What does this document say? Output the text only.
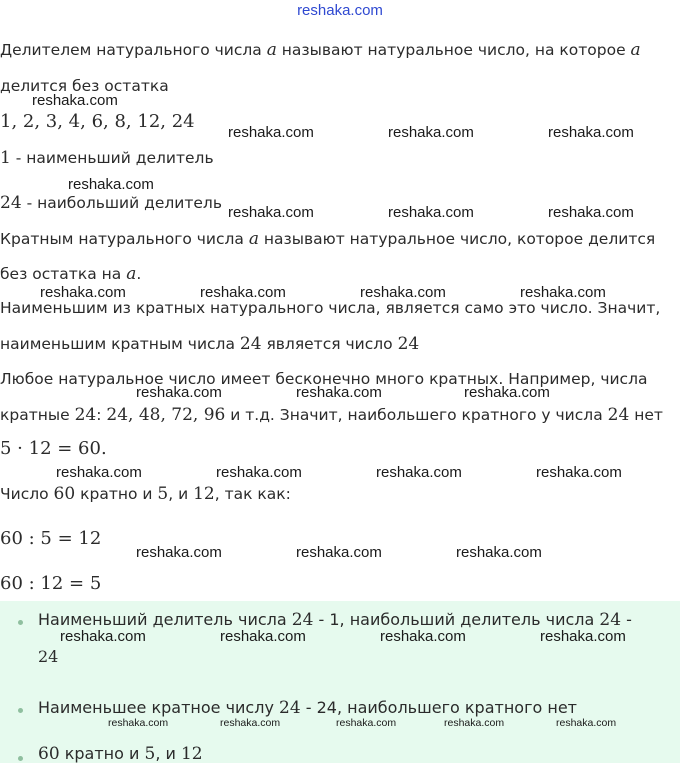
reshaka.com
Делителем натурального числа a называют натуральное число, на которое a
делится без остатка
1, 2, 3, 4, 6, 8, 12, 24
1 - наименьший делитель
24 - наибольший делитель
Кратным натурального числа a называют натуральное число, которое делится
без остатка на a.
Наименьшим из кратных натурального числа, является само это число. Значит,
наименьшим кратным числа 24 является число 24
Любое натуральное число имеет бесконечно много кратных. Например, числа
кратные 24: 24, 48, 72, 96 и т.д. Значит, наибольшего кратного у числа 24 нет
5 · 12 = 60.
Число 60 кратно и 5, и 12, так как:
60 : 5 = 12
60 : 12 = 5
Наименьший делитель числа 24 - 1, наибольший делитель числа 24 -
24
Наименьшее кратное числу 24 - 24, наибольшего кратного нет
60 кратно и 5, и 12
reshaka.com
reshaka.com	reshaka.com	reshaka.com
reshaka.com
reshaka.com	reshaka.com	reshaka.com
reshaka.com	reshaka.com	reshaka.com	reshaka.com
reshaka.com	reshaka.com	reshaka.com
reshaka.com	reshaka.com	reshaka.com	reshaka.com
reshaka.com	reshaka.com	reshaka.com
reshaka.com	reshaka.com	reshaka.com	reshaka.com
reshaka.com	reshaka.com	reshaka.com	reshaka.com	reshaka.com
